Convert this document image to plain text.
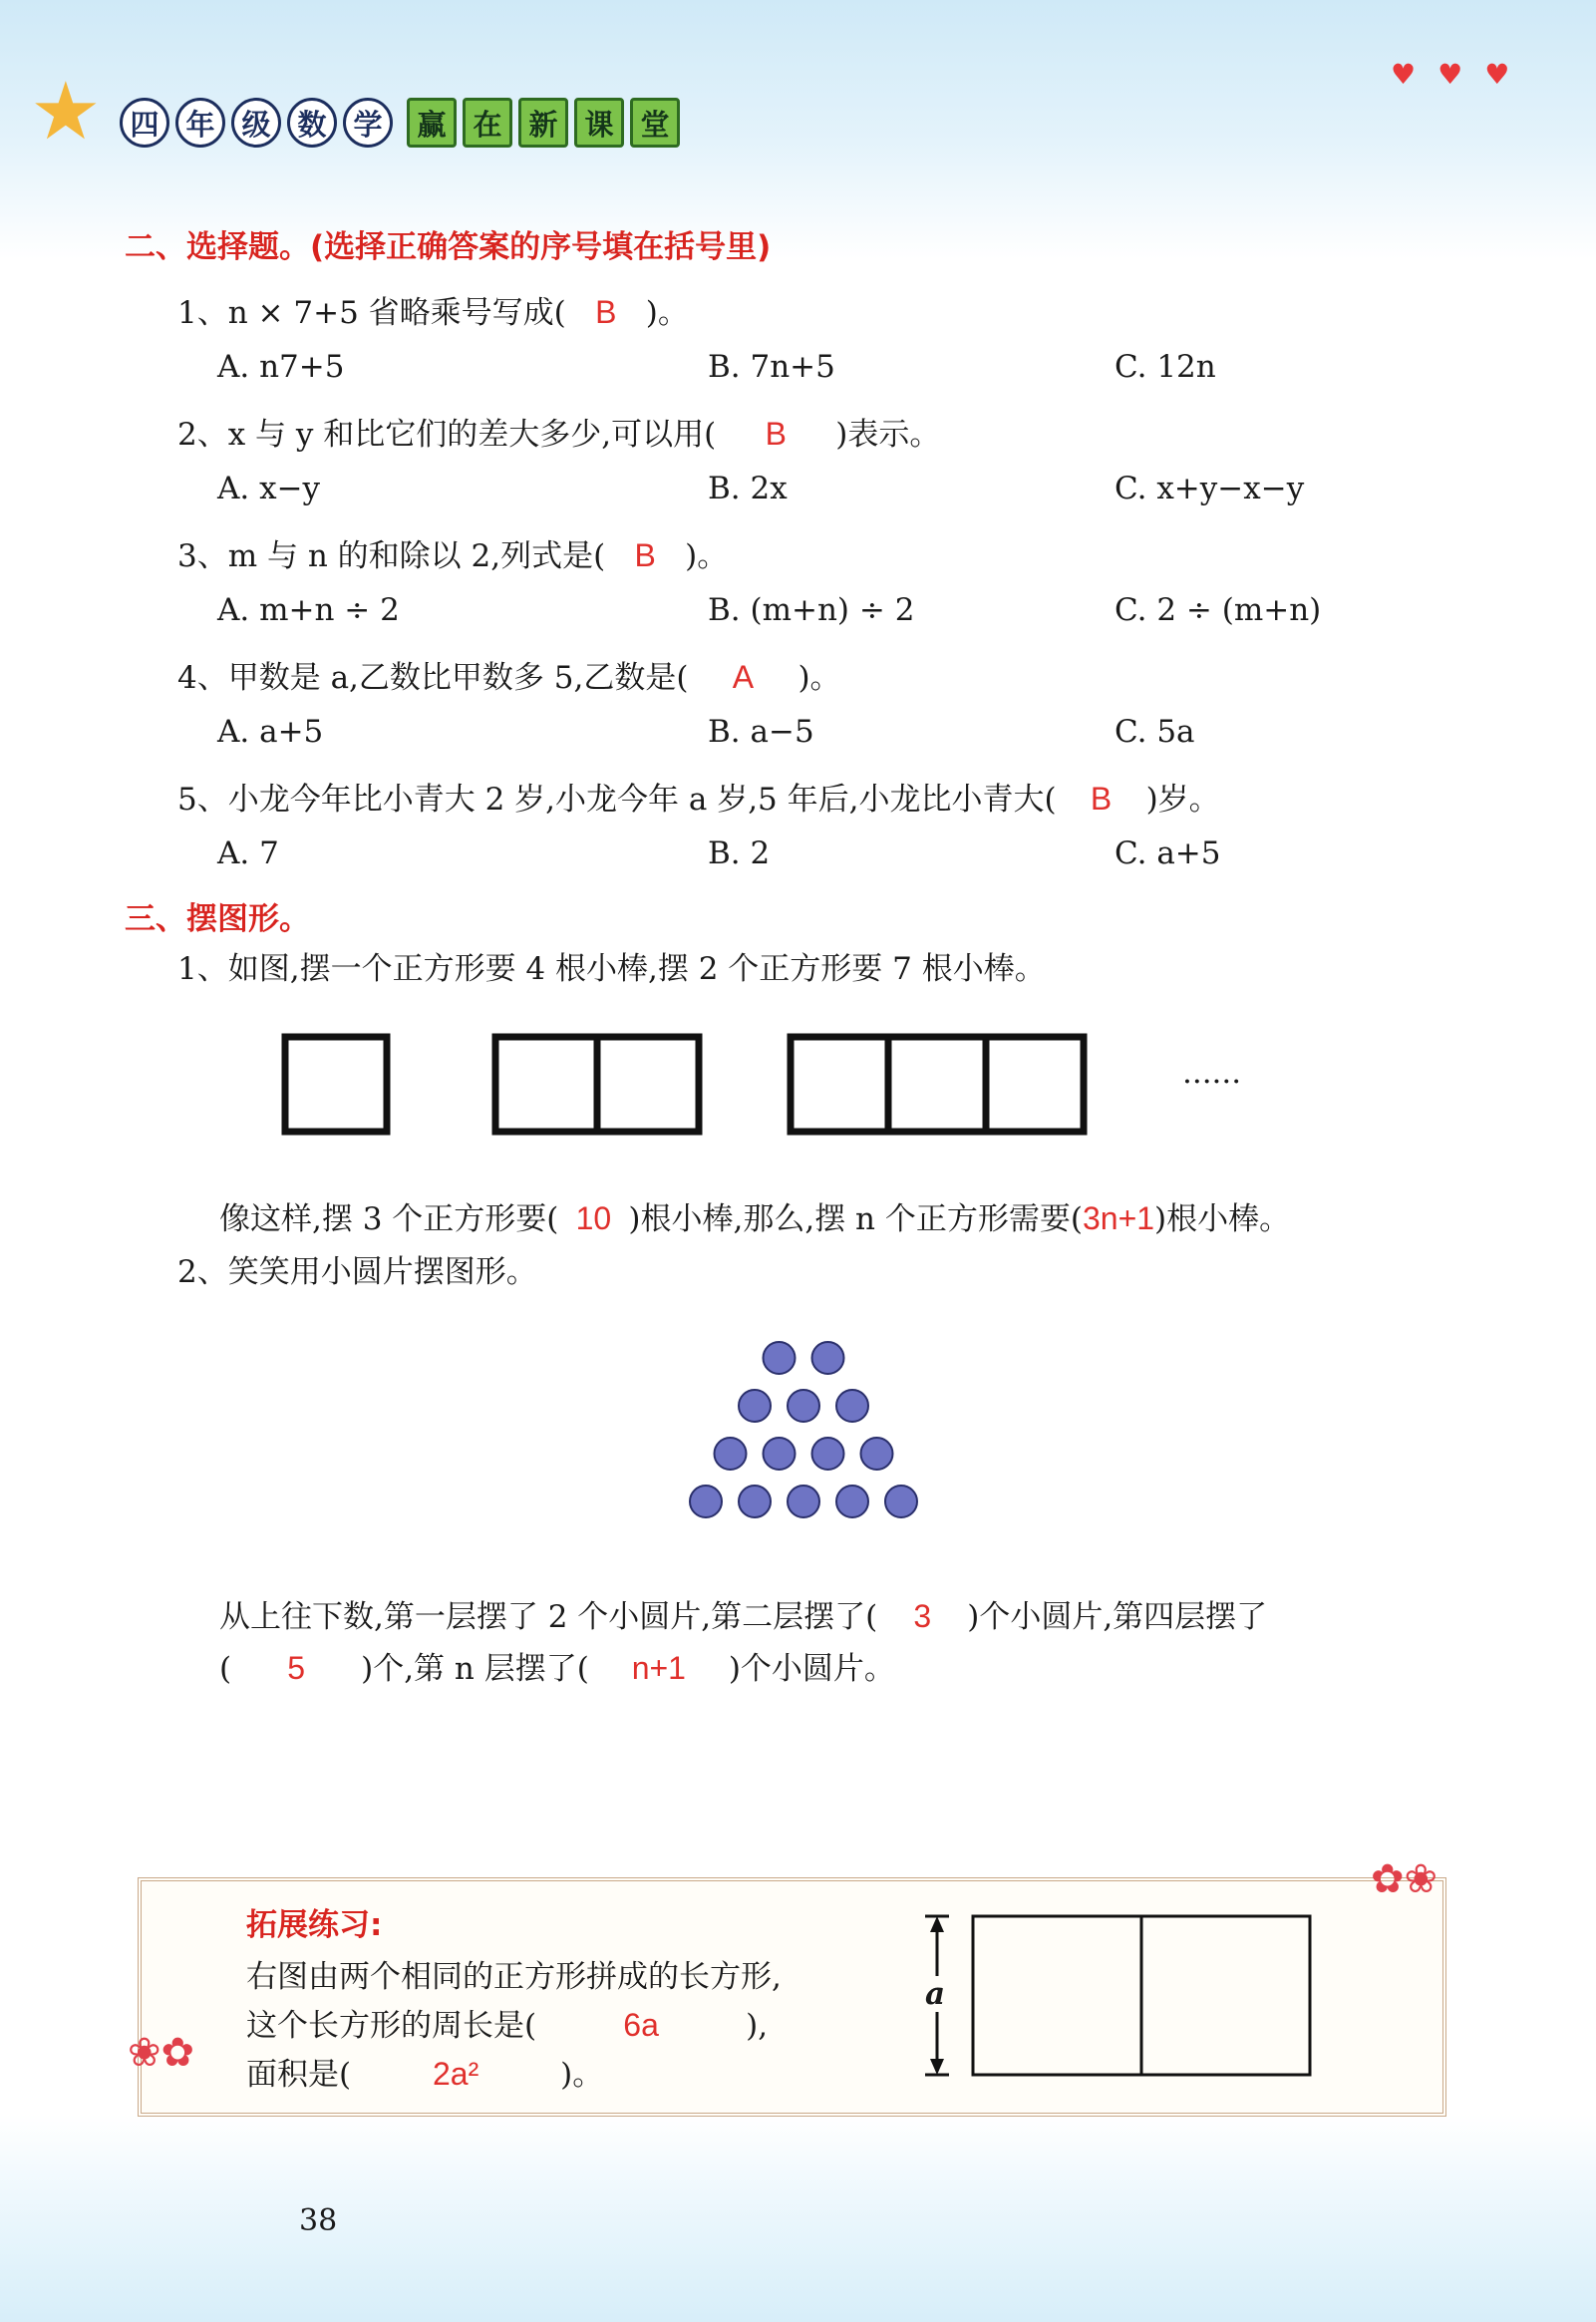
★	♥♥♥
四 年 级 数 学	赢 在 新 课 堂
二、选择题。(选择正确答案的序号填在括号里)
1、n × 7+5 省略乘号写成( B )。
A. n7+5	B. 7n+5	C. 12n
2、x 与 y 和比它们的差大多少,可以用( B )表示。
A. x−y	B. 2x	C. x+y−x−y
3、m 与 n 的和除以 2,列式是( B )。
A. m+n ÷ 2	B. (m+n) ÷ 2	C. 2 ÷ (m+n)
4、甲数是 a,乙数比甲数多 5,乙数是( A )。
A. a+5	B. a−5	C. 5a
5、小龙今年比小青大 2 岁,小龙今年 a 岁,5 年后,小龙比小青大( B )岁。
A. 7	B. 2	C. a+5
三、摆图形。
1、如图,摆一个正方形要 4 根小棒,摆 2 个正方形要 7 根小棒。
......
像这样,摆 3 个正方形要( 10 )根小棒,那么,摆 n 个正方形需要(3n+1)根小棒。
2、笑笑用小圆片摆图形。
从上往下数,第一层摆了 2 个小圆片,第二层摆了( 3 )个小圆片,第四层摆了
( 5 )个,第 n 层摆了( n+1 )个小圆片。
✿❀
❀✿
拓展练习:
右图由两个相同的正方形拼成的长方形,
这个长方形的周长是(	6a	),
面积是(	2a²	)。
a
38
